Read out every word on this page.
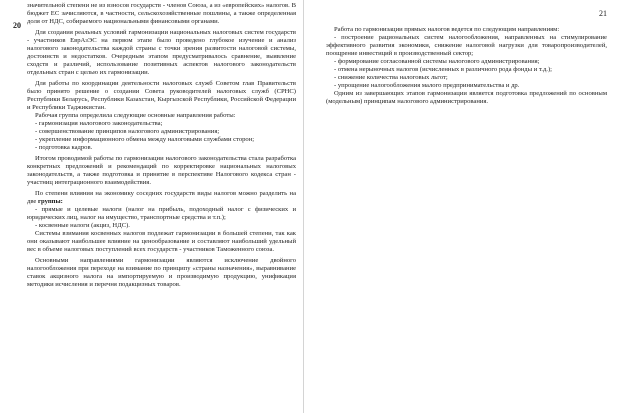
значительной степени не из взносов государств - членов Союза, а из «европейских» налогов. В бюджет ЕС зачисляются, в частности, сельскохозяйственные пошлины, а также определенная доля от НДС, собираемого национальными финансовыми органами.

Для создания реальных условий гармонизации национальных налоговых систем государств - участников ЕврАзЭС на первом этапе было проведено глубокое изучение и анализ налогового законодательства каждой страны с точки зрения развитости налоговой системы, достоинств и недостатков. Очередным этапом предусматривалось сравнение, выявление сходств и различий, использование позитивных аспектов налогового законодательств отдельных стран с целью их гармонизации.

Для работы по координации деятельности налоговых служб Советом глав Правительств было принято решение о создании Совета руководителей налоговых служб (СРНС) Республики Беларусь, Республики Казахстан, Кыргызской Республики, Российской Федерации и Республики Таджикистан.

Рабочая группа определила следующие основные направления работы:

- гармонизация налогового законодательства;

- совершенствование принципов налогового администрирования;

- укрепление информационного обмена между налоговыми службами сторон;

- подготовка кадров.

Итогом проводимой работы по гармонизации налогового законодательства стала разработка конкретных предложений и рекомендаций по корректировке национальных налоговых законодательств, а также подготовка и принятие в перспективе Налогового кодекса стран - участниц интеграционного взаимодействия.

По степени влияния на экономику соседних государств виды налогов можно разделить на две группы:

- прямые и целевые налоги (налог на прибыль, подоходный налог с физических и юридических лиц, налог на имущество, транспортные средства и т.п.);

- косвенные налоги (акциз, НДС).

Системы взимания косвенных налогов подлежат гармонизации в большей степени, так как они оказывают наибольшее влияние на ценообразование и составляют наибольший удельный вес в объеме налоговых поступлений всех государств - участников Таможенного союза.

Основными направлениями гармонизации являются исключение двойного налогообложения при переходе на взимание по принципу «страны назначения», выравнивание ставок акцизного налога на импортируемую и производимую продукцию, унификация методики исчисления и перечня подакцизных товаров.

20	Работа по гармонизации прямых налогов ведется по следующим направлениям:

- построение рациональных систем налогообложения, направленных на стимулирование эффективного развития экономики, снижение налоговой нагрузки для товаропроизводителей, поощрение инвестиций в производственный сектор;

- формирование согласованной системы налогового администрирования;

- отмена нерыночных налогов (исчисленных в различного рода фонды и т.д.);

- снижение количества налоговых льгот;

- упрощение налогообложения малого предпринимательства и др.

Одним из завершающих этапов гармонизации является подготовка предложений по основным (модельным) принципам налогового администрирования.

21
